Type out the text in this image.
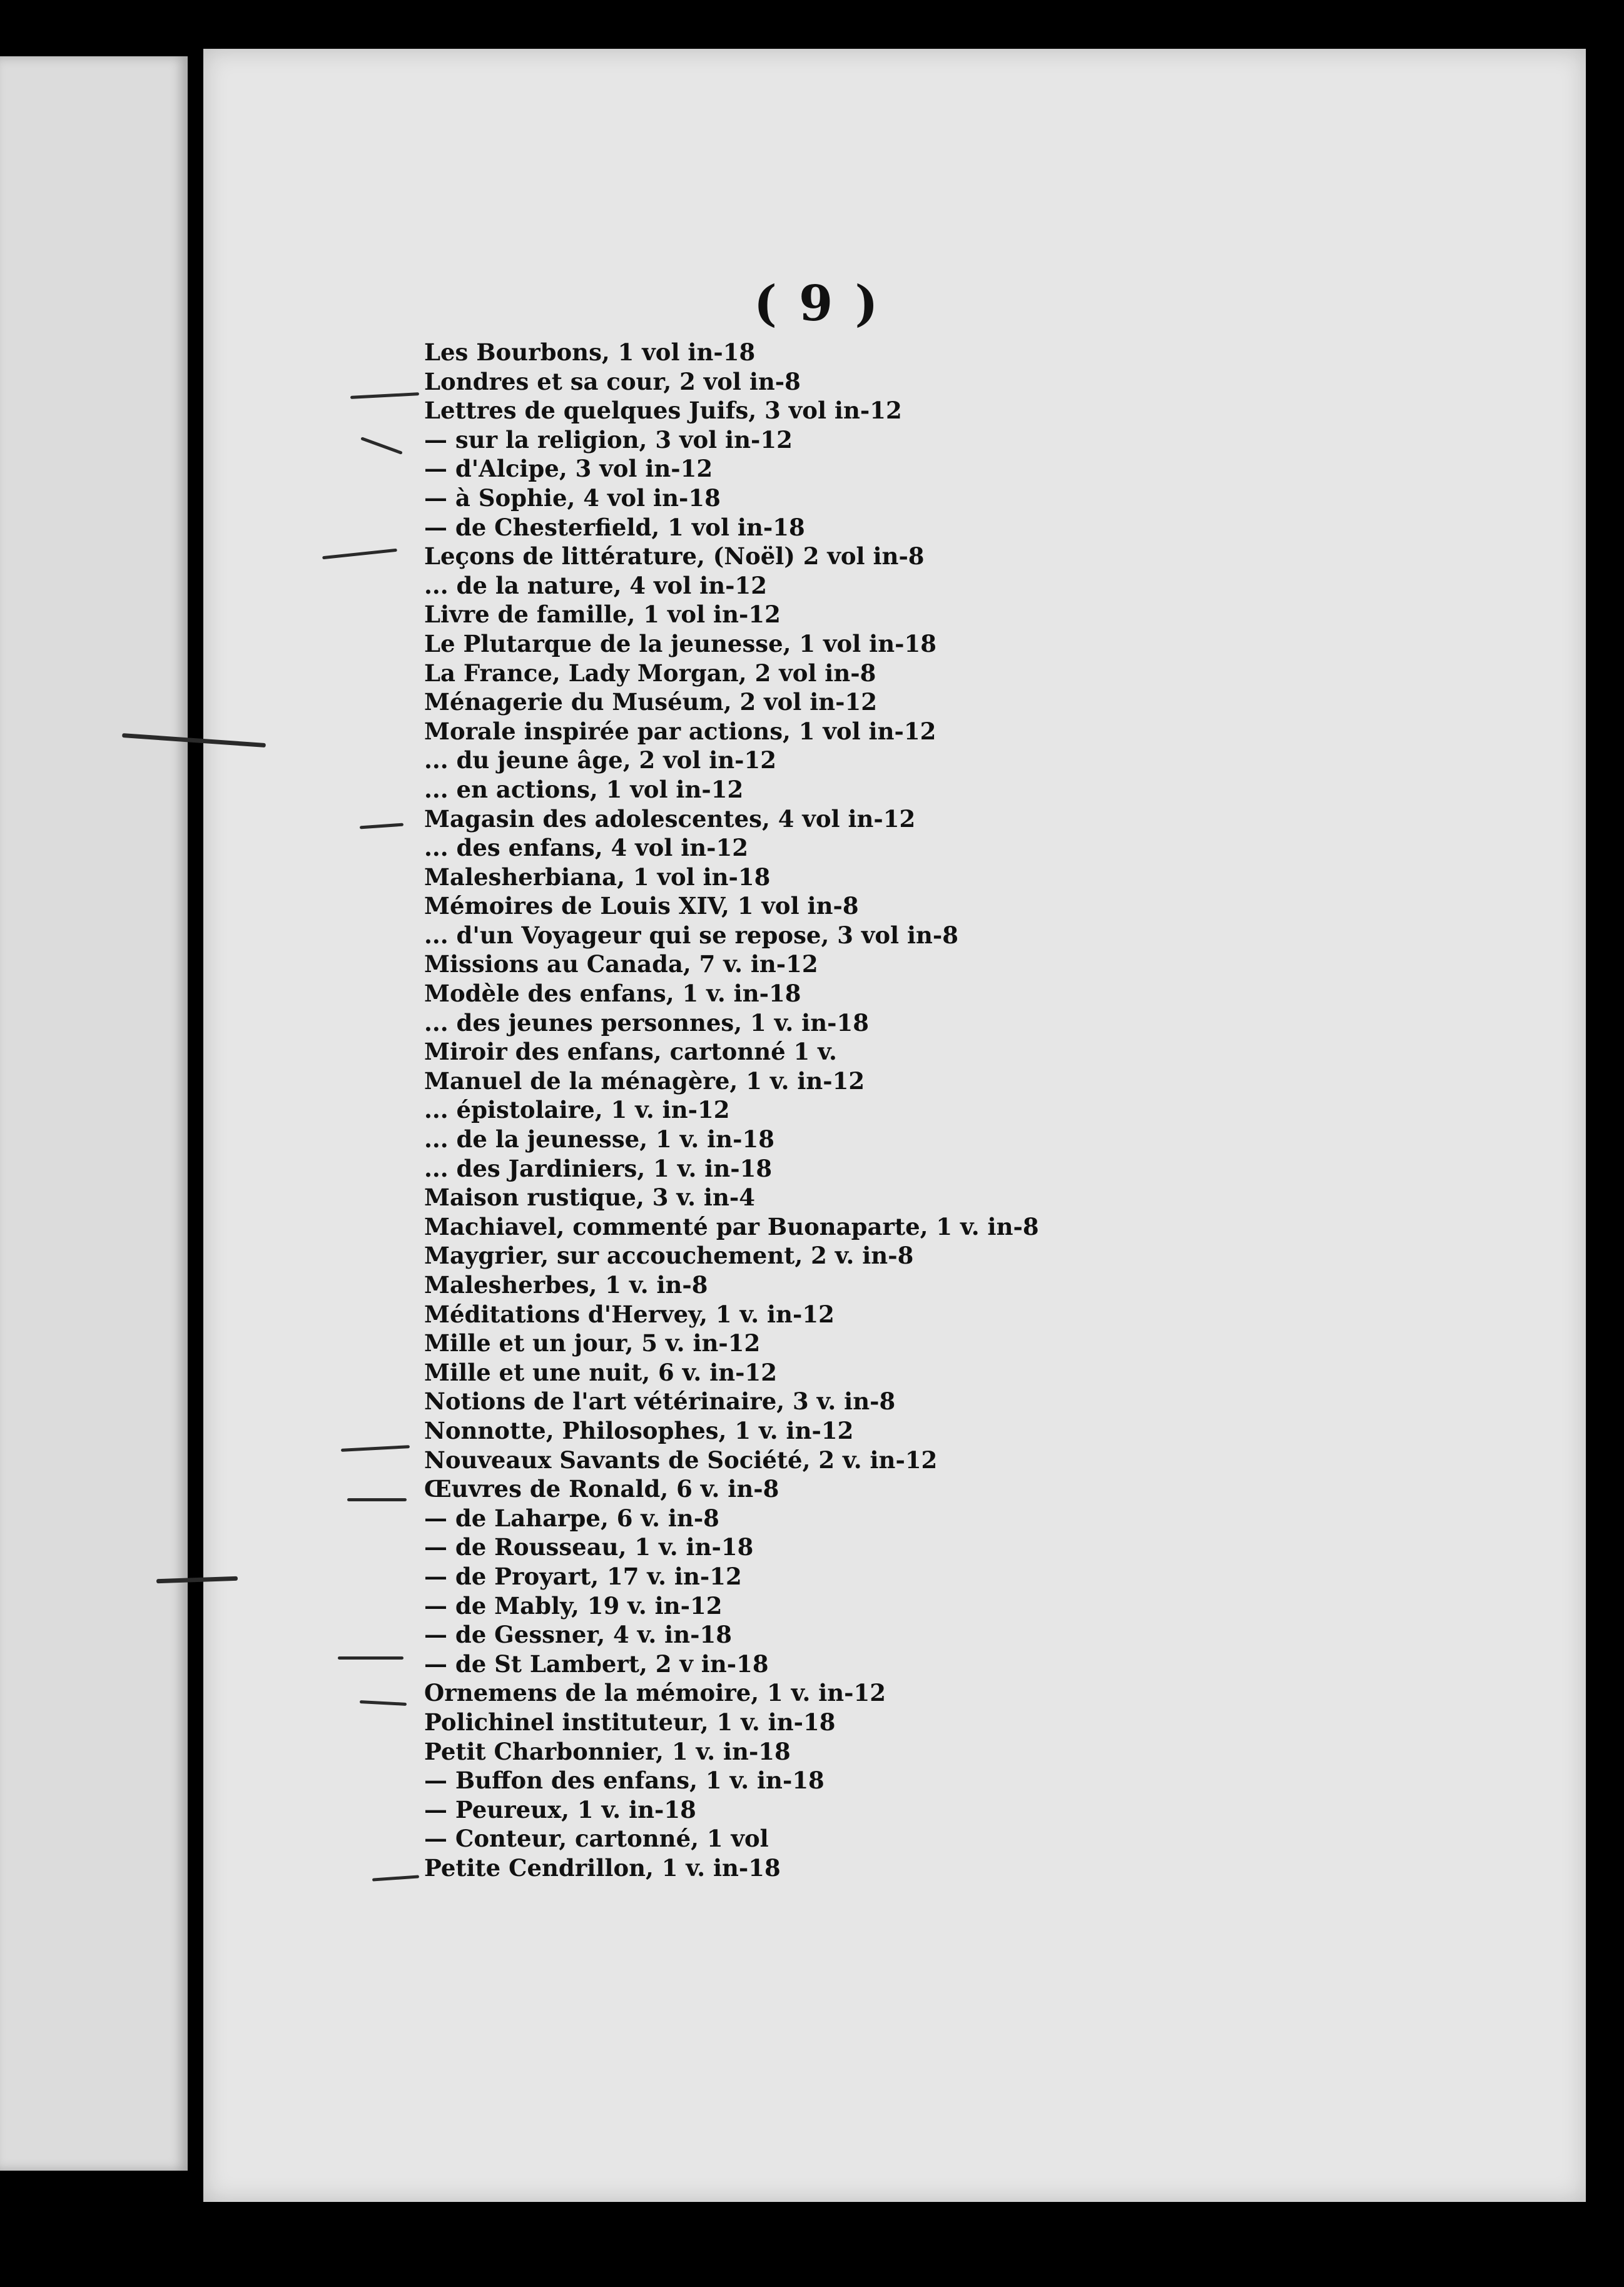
( 9 )
Les Bourbons, 1 vol in-18
Londres et sa cour, 2 vol in-8
Lettres de quelques Juifs, 3 vol in-12
— sur la religion, 3 vol in-12
— d'Alcipe, 3 vol in-12
— à Sophie, 4 vol in-18
— de Chesterfield, 1 vol in-18
Leçons de littérature, (Noël) 2 vol in-8
... de la nature, 4 vol in-12
Livre de famille, 1 vol in-12
Le Plutarque de la jeunesse, 1 vol in-18
La France, Lady Morgan, 2 vol in-8
Ménagerie du Muséum, 2 vol in-12
Morale inspirée par actions, 1 vol in-12
... du jeune âge, 2 vol in-12
... en actions, 1 vol in-12
Magasin des adolescentes, 4 vol in-12
... des enfans, 4 vol in-12
Malesherbiana, 1 vol in-18
Mémoires de Louis XIV, 1 vol in-8
... d'un Voyageur qui se repose, 3 vol in-8
Missions au Canada, 7 v. in-12
Modèle des enfans, 1 v. in-18
... des jeunes personnes, 1 v. in-18
Miroir des enfans, cartonné 1 v.
Manuel de la ménagère, 1 v. in-12
... épistolaire, 1 v. in-12
... de la jeunesse, 1 v. in-18
... des Jardiniers, 1 v. in-18
Maison rustique, 3 v. in-4
Machiavel, commenté par Buonaparte, 1 v. in-8
Maygrier, sur accouchement, 2 v. in-8
Malesherbes, 1 v. in-8
Méditations d'Hervey, 1 v. in-12
Mille et un jour, 5 v. in-12
Mille et une nuit, 6 v. in-12
Notions de l'art vétérinaire, 3 v. in-8
Nonnotte, Philosophes, 1 v. in-12
Nouveaux Savants de Société, 2 v. in-12
Œuvres de Ronald, 6 v. in-8
— de Laharpe, 6 v. in-8
— de Rousseau, 1 v. in-18
— de Proyart, 17 v. in-12
— de Mably, 19 v. in-12
— de Gessner, 4 v. in-18
— de St Lambert, 2 v in-18
Ornemens de la mémoire, 1 v. in-12
Polichinel instituteur, 1 v. in-18
Petit Charbonnier, 1 v. in-18
— Buffon des enfans, 1 v. in-18
— Peureux, 1 v. in-18
— Conteur, cartonné, 1 vol
Petite Cendrillon, 1 v. in-18
